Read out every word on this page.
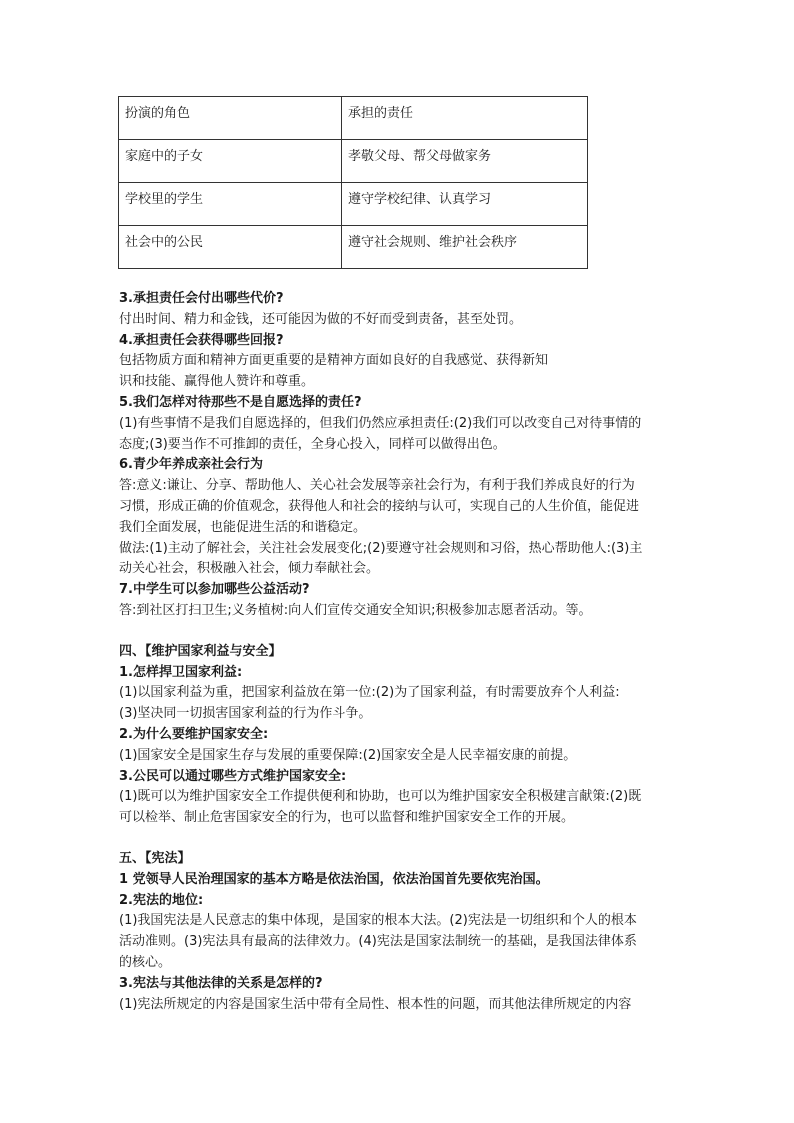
扮演的角色	承担的责任
家庭中的子女	孝敬父母、帮父母做家务
学校里的学生	遵守学校纪律、认真学习
社会中的公民	遵守社会规则、维护社会秩序
3.承担责任会付出哪些代价?
付出时间、精力和金钱，还可能因为做的不好而受到责备，甚至处罚。
4.承担责任会获得哪些回报?
包括物质方面和精神方面更重要的是精神方面如良好的自我感觉、获得新知
识和技能、赢得他人赞许和尊重。
5.我们怎样对待那些不是自愿选择的责任?
(1)有些事情不是我们自愿选择的，但我们仍然应承担责任:(2)我们可以改变自己对待事情的
态度;(3)要当作不可推卸的责任，全身心投入，同样可以做得出色。
6.青少年养成亲社会行为
答:意义:谦让、分享、帮助他人、关心社会发展等亲社会行为，有利于我们养成良好的行为
习惯，形成正确的价值观念，获得他人和社会的接纳与认可，实现自己的人生价值，能促进
我们全面发展，也能促进生活的和谐稳定。
做法:(1)主动了解社会，关注社会发展变化;(2)要遵守社会规则和习俗，热心帮助他人:(3)主
动关心社会，积极融入社会，倾力奉献社会。
7.中学生可以参加哪些公益活动?
答:到社区打扫卫生;义务植树:向人们宣传交通安全知识;积极参加志愿者活动。等。
四、【维护国家利益与安全】
1.怎样捍卫国家利益:
(1)以国家利益为重，把国家利益放在第一位:(2)为了国家利益，有时需要放弃个人利益:
(3)坚决同一切损害国家利益的行为作斗争。
2.为什么要维护国家安全:
(1)国家安全是国家生存与发展的重要保障:(2)国家安全是人民幸福安康的前提。
3.公民可以通过哪些方式维护国家安全:
(1)既可以为维护国家安全工作提供便利和协助，也可以为维护国家安全积极建言献策:(2)既
可以检举、制止危害国家安全的行为，也可以监督和维护国家安全工作的开展。
五、【宪法】
1 党领导人民治理国家的基本方略是依法治国，依法治国首先要依宪治国。
2.宪法的地位:
(1)我国宪法是人民意志的集中体现，是国家的根本大法。(2)宪法是一切组织和个人的根本
活动准则。(3)宪法具有最高的法律效力。(4)宪法是国家法制统一的基础，是我国法律体系
的核心。
3.宪法与其他法律的关系是怎样的?
(1)宪法所规定的内容是国家生活中带有全局性、根本性的问题，而其他法律所规定的内容
